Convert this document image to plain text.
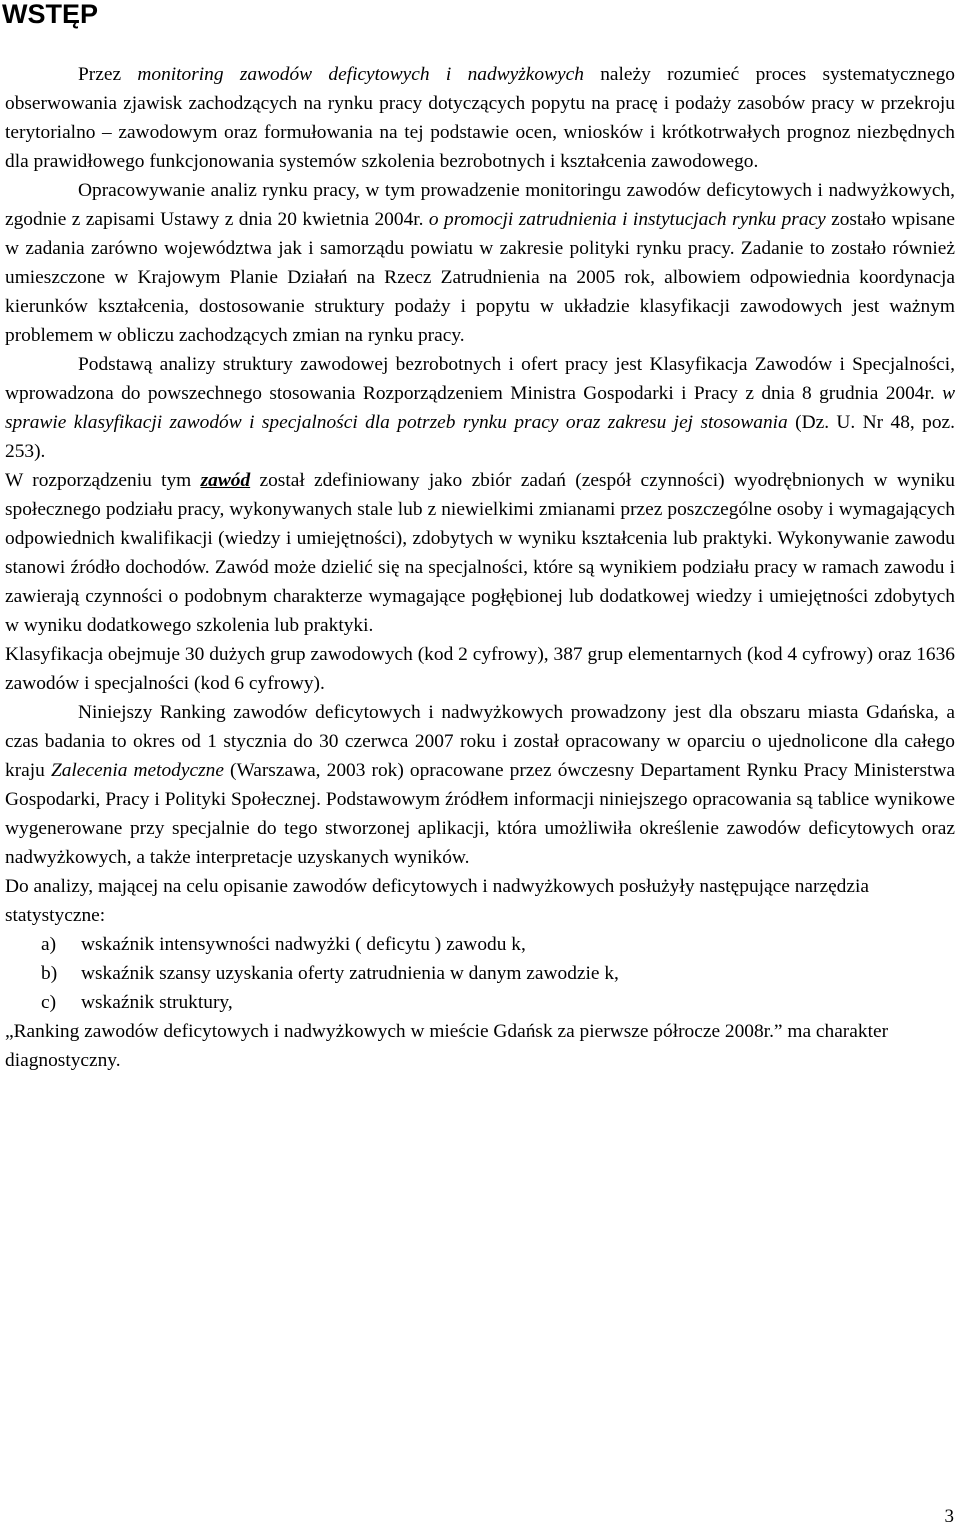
WSTĘP

Przez monitoring zawodów deficytowych i nadwyżkowych należy rozumieć proces systematycznego obserwowania zjawisk zachodzących na rynku pracy dotyczących popytu na pracę i podaży zasobów pracy w przekroju terytorialno – zawodowym oraz formułowania na tej podstawie ocen, wniosków i krótkotrwałych prognoz niezbędnych dla prawidłowego funkcjonowania systemów szkolenia bezrobotnych i kształcenia zawodowego.

Opracowywanie analiz rynku pracy, w tym prowadzenie monitoringu zawodów deficytowych i nadwyżkowych, zgodnie z zapisami Ustawy z dnia 20 kwietnia 2004r. o promocji zatrudnienia i instytucjach rynku pracy zostało wpisane w zadania zarówno województwa jak i samorządu powiatu w zakresie polityki rynku pracy. Zadanie to zostało również umieszczone w Krajowym Planie Działań na Rzecz Zatrudnienia na 2005 rok, albowiem odpowiednia koordynacja kierunków kształcenia, dostosowanie struktury podaży i popytu w układzie klasyfikacji zawodowych jest ważnym problemem w obliczu zachodzących zmian na rynku pracy.

Podstawą analizy struktury zawodowej bezrobotnych i ofert pracy jest Klasyfikacja Zawodów i Specjalności, wprowadzona do powszechnego stosowania Rozporządzeniem Ministra Gospodarki i Pracy z dnia 8 grudnia 2004r. w sprawie klasyfikacji zawodów i specjalności dla potrzeb rynku pracy oraz zakresu jej stosowania (Dz. U. Nr 48, poz. 253).

W rozporządzeniu tym zawód został zdefiniowany jako zbiór zadań (zespół czynności) wyodrębnionych w wyniku społecznego podziału pracy, wykonywanych stale lub z niewielkimi zmianami przez poszczególne osoby i wymagających odpowiednich kwalifikacji (wiedzy i umiejętności), zdobytych w wyniku kształcenia lub praktyki. Wykonywanie zawodu stanowi źródło dochodów. Zawód może dzielić się na specjalności, które są wynikiem podziału pracy w ramach zawodu i zawierają czynności o podobnym charakterze wymagające pogłębionej lub dodatkowej wiedzy i umiejętności zdobytych w wyniku dodatkowego szkolenia lub praktyki.

Klasyfikacja obejmuje 30 dużych grup zawodowych (kod 2 cyfrowy), 387 grup elementarnych (kod 4 cyfrowy) oraz 1636 zawodów i specjalności (kod 6 cyfrowy).

Niniejszy Ranking zawodów deficytowych i nadwyżkowych prowadzony jest dla obszaru miasta Gdańska, a czas badania to okres od 1 stycznia do 30 czerwca 2007 roku i został opracowany w oparciu o ujednolicone dla całego kraju Zalecenia metodyczne (Warszawa, 2003 rok) opracowane przez ówczesny Departament Rynku Pracy Ministerstwa Gospodarki, Pracy i Polityki Społecznej. Podstawowym źródłem informacji niniejszego opracowania są tablice wynikowe wygenerowane przy specjalnie do tego stworzonej aplikacji, która umożliwiła określenie zawodów deficytowych oraz nadwyżkowych, a także interpretacje uzyskanych wyników.

Do analizy, mającej na celu opisanie zawodów deficytowych i nadwyżkowych posłużyły następujące narzędzia statystyczne:

a)	wskaźnik intensywności nadwyżki ( deficytu ) zawodu k,
b)	wskaźnik szansy uzyskania oferty zatrudnienia w danym zawodzie k,
c)	wskaźnik struktury,

„Ranking zawodów deficytowych i nadwyżkowych w mieście Gdańsk za pierwsze półrocze 2008r.” ma charakter diagnostyczny.

3
